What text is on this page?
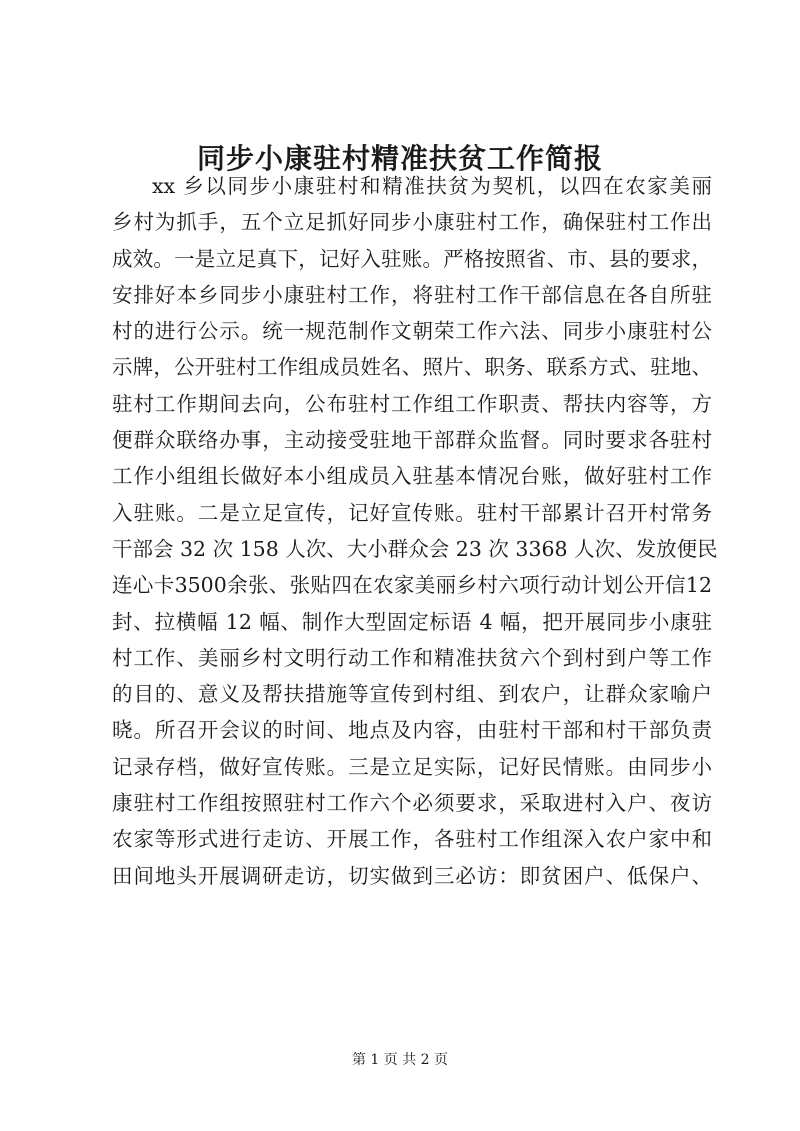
同步小康驻村精准扶贫工作简报
xx 乡以同步小康驻村和精准扶贫为契机，以四在农家美丽
乡村为抓手，五个立足抓好同步小康驻村工作，确保驻村工作出
成效。一是立足真下，记好入驻账。严格按照省、市、县的要求，
安排好本乡同步小康驻村工作，将驻村工作干部信息在各自所驻
村的进行公示。统一规范制作文朝荣工作六法、同步小康驻村公
示牌，公开驻村工作组成员姓名、照片、职务、联系方式、驻地、
驻村工作期间去向，公布驻村工作组工作职责、帮扶内容等，方
便群众联络办事，主动接受驻地干部群众监督。同时要求各驻村
工作小组组长做好本小组成员入驻基本情况台账，做好驻村工作
入驻账。二是立足宣传，记好宣传账。驻村干部累计召开村常务
干部会 32 次 158 人次、大小群众会 23 次 3368 人次、发放便民
连心卡3500余张、张贴四在农家美丽乡村六项行动计划公开信12
封、拉横幅 12 幅、制作大型固定标语 4 幅，把开展同步小康驻
村工作、美丽乡村文明行动工作和精准扶贫六个到村到户等工作
的目的、意义及帮扶措施等宣传到村组、到农户，让群众家喻户
晓。所召开会议的时间、地点及内容，由驻村干部和村干部负责
记录存档，做好宣传账。三是立足实际，记好民情账。由同步小
康驻村工作组按照驻村工作六个必须要求，采取进村入户、夜访
农家等形式进行走访、开展工作，各驻村工作组深入农户家中和
田间地头开展调研走访，切实做到三必访：即贫困户、低保户、
第 1 页 共 2 页
